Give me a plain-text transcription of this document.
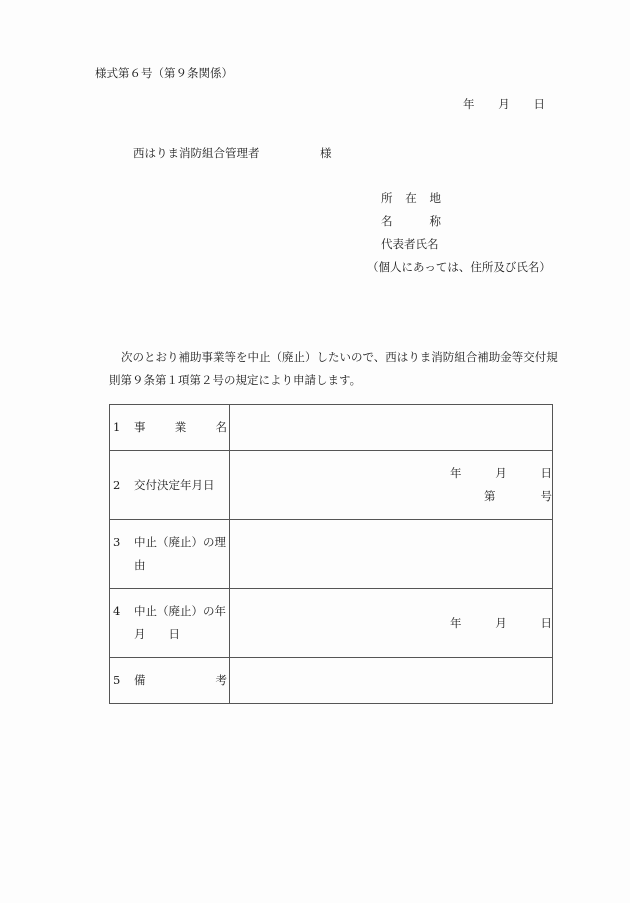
様式第６号（第９条関係）
年 月 日
西はりま消防組合管理者	様
所 在 地
名	称
代表者氏名
（個人にあっては、住所及び氏名）
次のとおり補助事業等を中止（廃止）したいので、西はりま消防組合補助金等交付規
則第９条第１項第２号の規定により申請します。
1 事 業 名	

2	交付決定年月日

年	月	日
第	号

3 中止（廃止）の理
由	

4 中止（廃止）の年

月 日	年 月 日

5 備 考	
